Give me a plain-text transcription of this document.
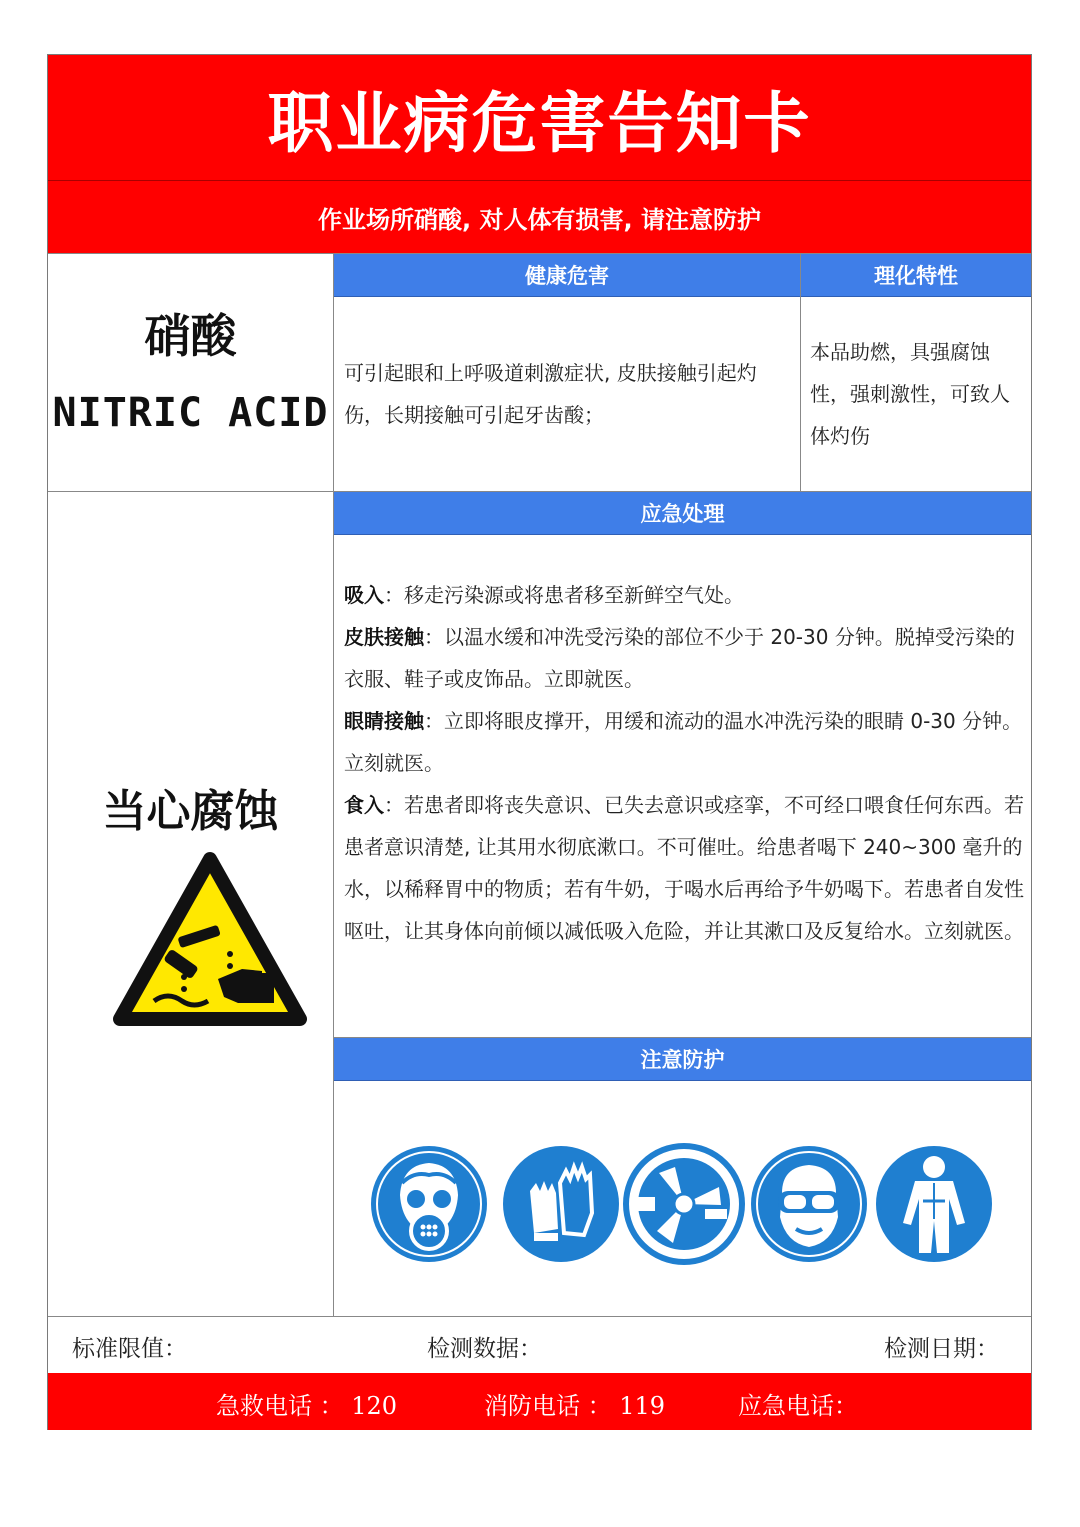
职业病危害告知卡
作业场所硝酸, 对人体有损害, 请注意防护
硝酸
NITRIC ACID
健康危害
可引起眼和上呼吸道刺激症状, 皮肤接触引起灼伤，长期接触可引起牙齿酸；
理化特性
本品助燃，具强腐蚀性，强刺激性，可致人体灼伤
应急处理
吸入：移走污染源或将患者移至新鲜空气处。
皮肤接触：以温水缓和冲洗受污染的部位不少于 20-30 分钟。脱掉受污染的衣服、鞋子或皮饰品。立即就医。
眼睛接触：立即将眼皮撑开，用缓和流动的温水冲洗污染的眼睛 0-30 分钟。立刻就医。
食入：若患者即将丧失意识、已失去意识或痉挛，不可经口喂食任何东西。若患者意识清楚, 让其用水彻底漱口。不可催吐。给患者喝下 240~300 毫升的水，以稀释胃中的物质；若有牛奶，于喝水后再给予牛奶喝下。若患者自发性呕吐，让其身体向前倾以减低吸入危险，并让其漱口及反复给水。立刻就医。
当心腐蚀
注意防护
标准限值：	检测数据：	检测日期：
急救电话 ： 120	消防电话 ： 119	应急电话：
